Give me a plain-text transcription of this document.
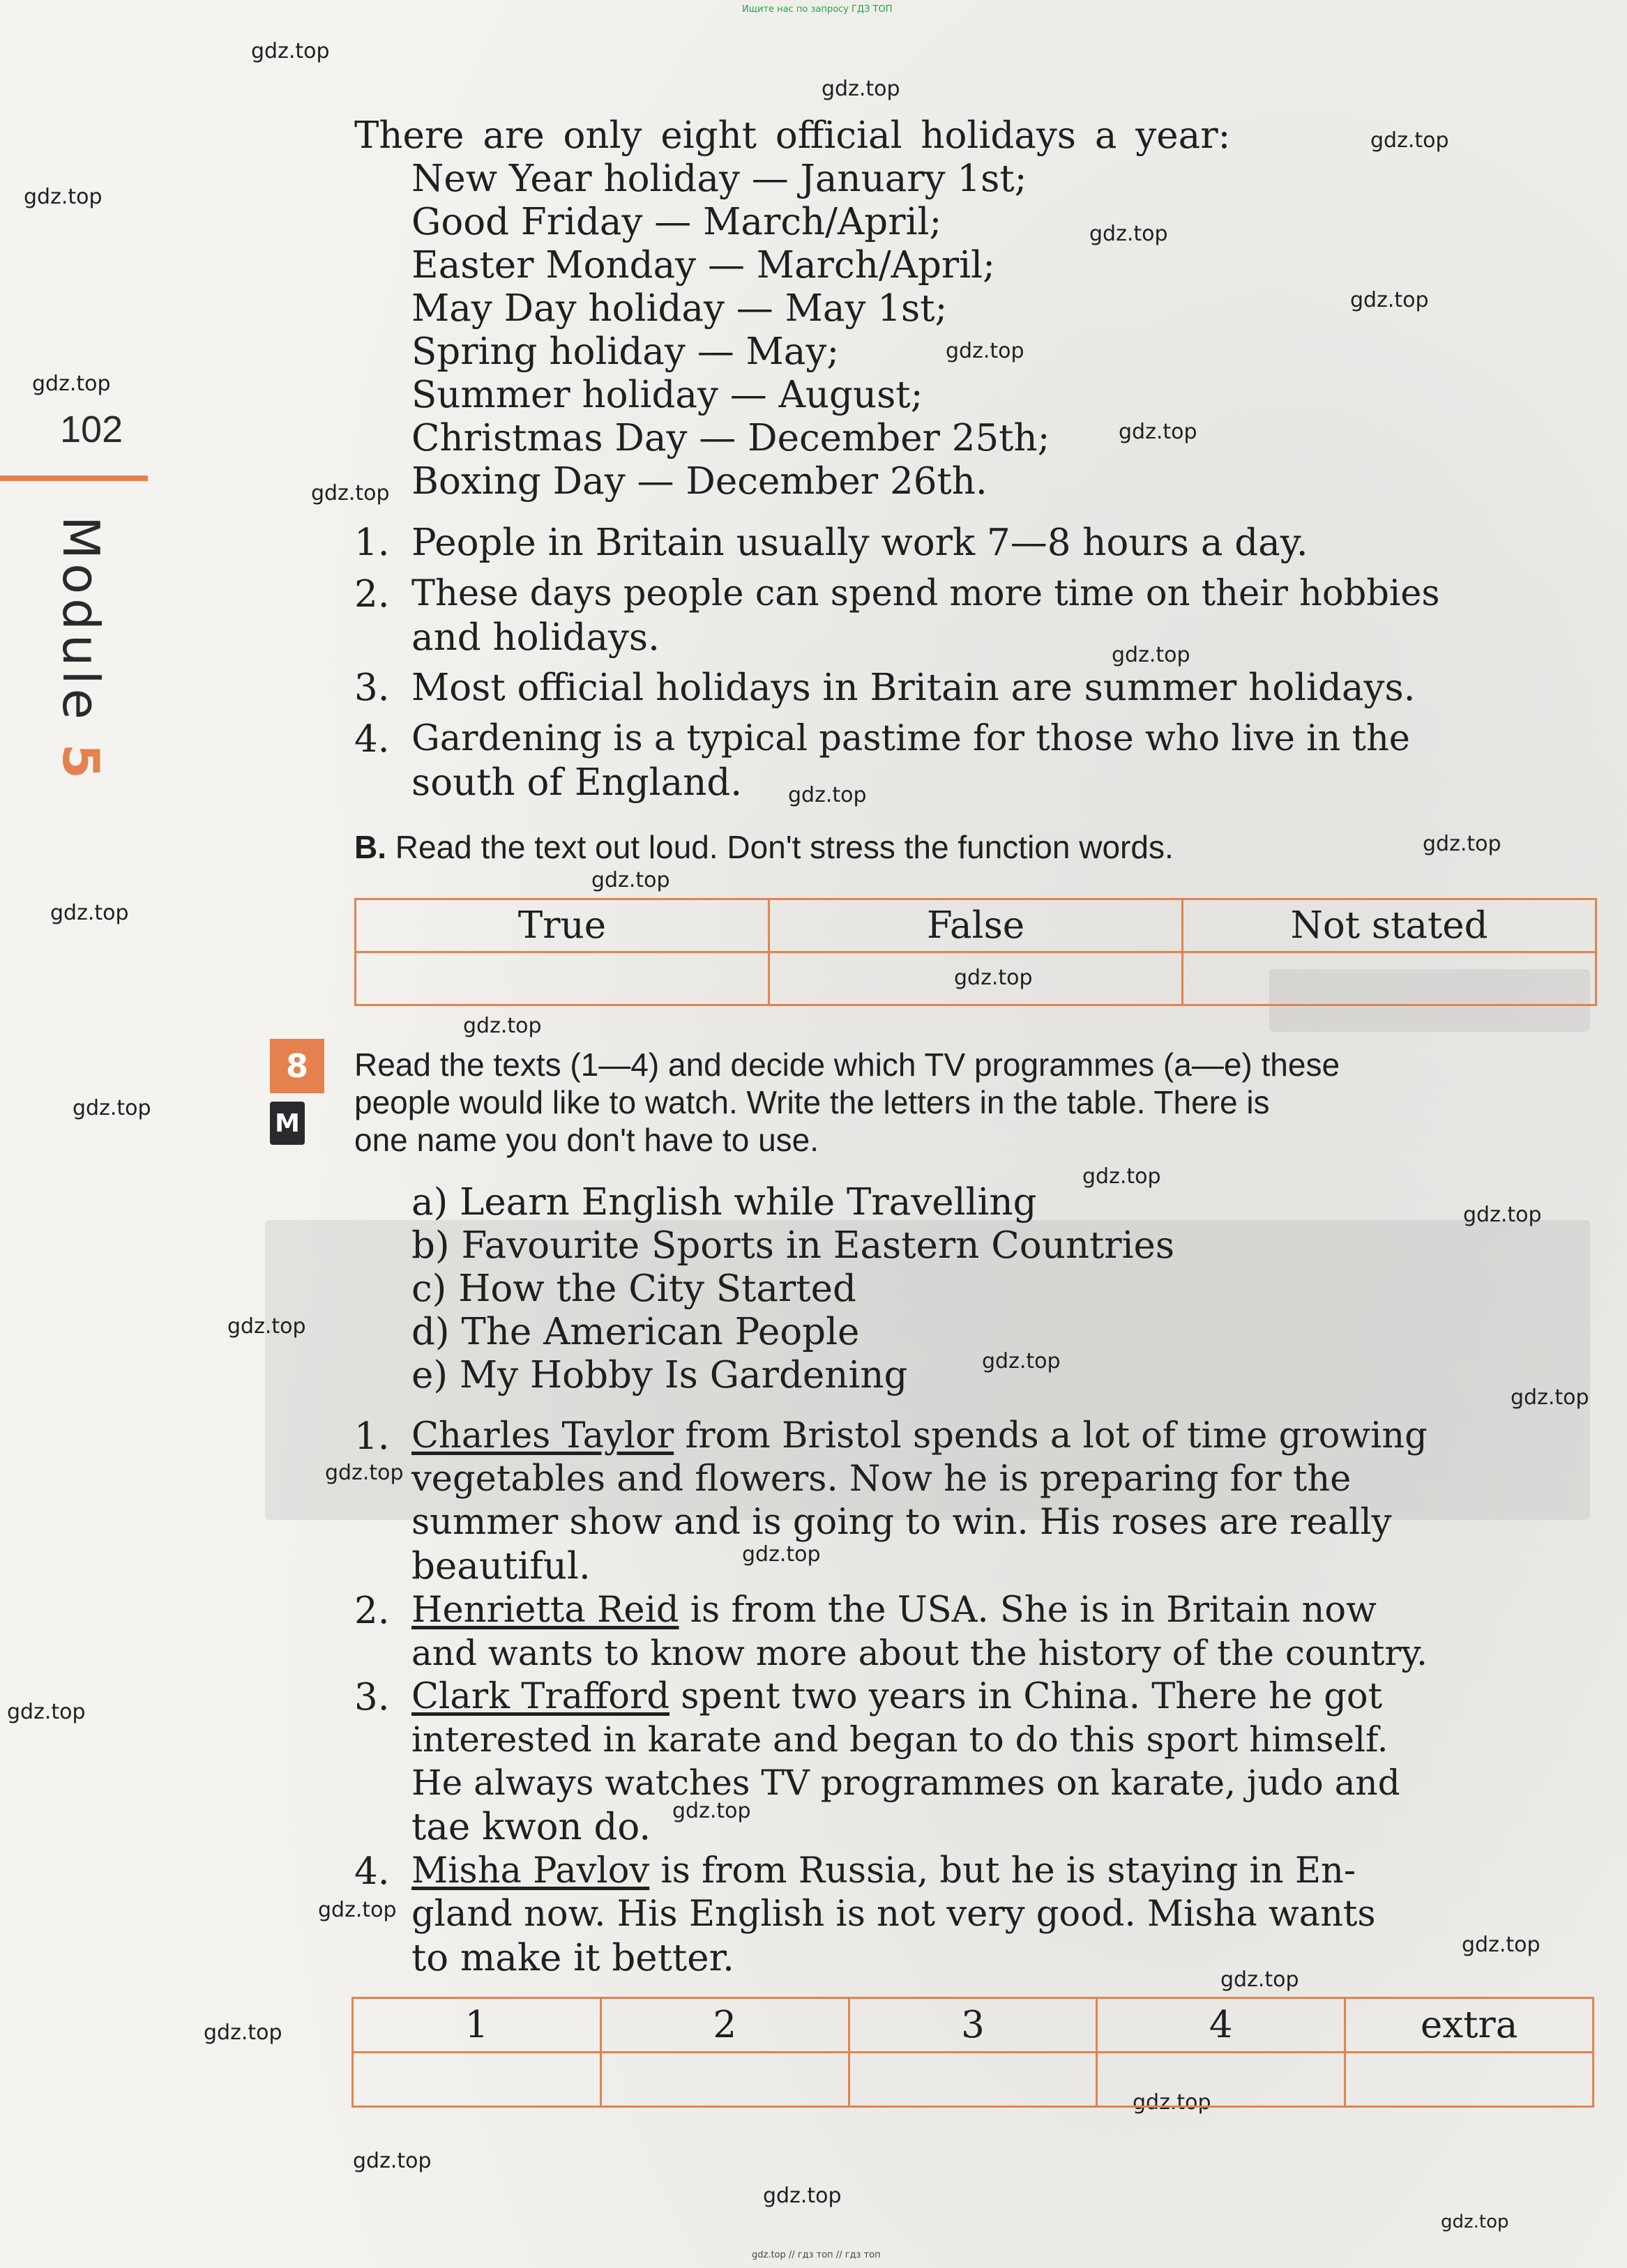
Ищите нас по запросу ГДЗ ТОП
gdz.top
gdz.top
gdz.top
gdz.top
gdz.top
gdz.top
gdz.top
gdz.top
gdz.top
gdz.top
gdz.top
gdz.top
gdz.top
gdz.top
gdz.top
gdz.top
gdz.top
gdz.top
gdz.top
gdz.top
gdz.top
gdz.top
gdz.top
gdz.top
gdz.top
gdz.top
gdz.top
gdz.top
gdz.top
gdz.top
gdz.top
gdz.top
gdz.top
gdz.top
gdz.top
102
Module 5
There are only eight official holidays a year:
New Year holiday — January 1st;
Good Friday — March/April;
Easter Monday — March/April;
May Day holiday — May 1st;
Spring holiday — May;
Summer holiday — August;
Christmas Day — December 25th;
Boxing Day — December 26th.
1. People in Britain usually work 7—8 hours a day.
2. These days people can spend more time on their hobbies
and holidays.
3. Most official holidays in Britain are summer holidays.
4. Gardening is a typical pastime for those who live in the
south of England.
B. Read the text out loud. Don't stress the function words.
True	False	Not stated

8
M
Read the texts (1—4) and decide which TV programmes (a—e) these
people would like to watch. Write the letters in the table. There is
one name you don't have to use.
a) Learn English while Travelling
b) Favourite Sports in Eastern Countries
c) How the City Started
d) The American People
e) My Hobby Is Gardening
1. Charles Taylor from Bristol spends a lot of time growing
vegetables and flowers. Now he is preparing for the
summer show and is going to win. His roses are really
beautiful.
2. Henrietta Reid is from the USA. She is in Britain now
and wants to know more about the history of the country.
3. Clark Trafford spent two years in China. There he got
interested in karate and began to do this sport himself.
He always watches TV programmes on karate, judo and
tae kwon do.
4. Misha Pavlov is from Russia, but he is staying in En-
gland now. His English is not very good. Misha wants
to make it better.
1	2	3	4	extra

gdz.top // гдз топ // гдз топ
